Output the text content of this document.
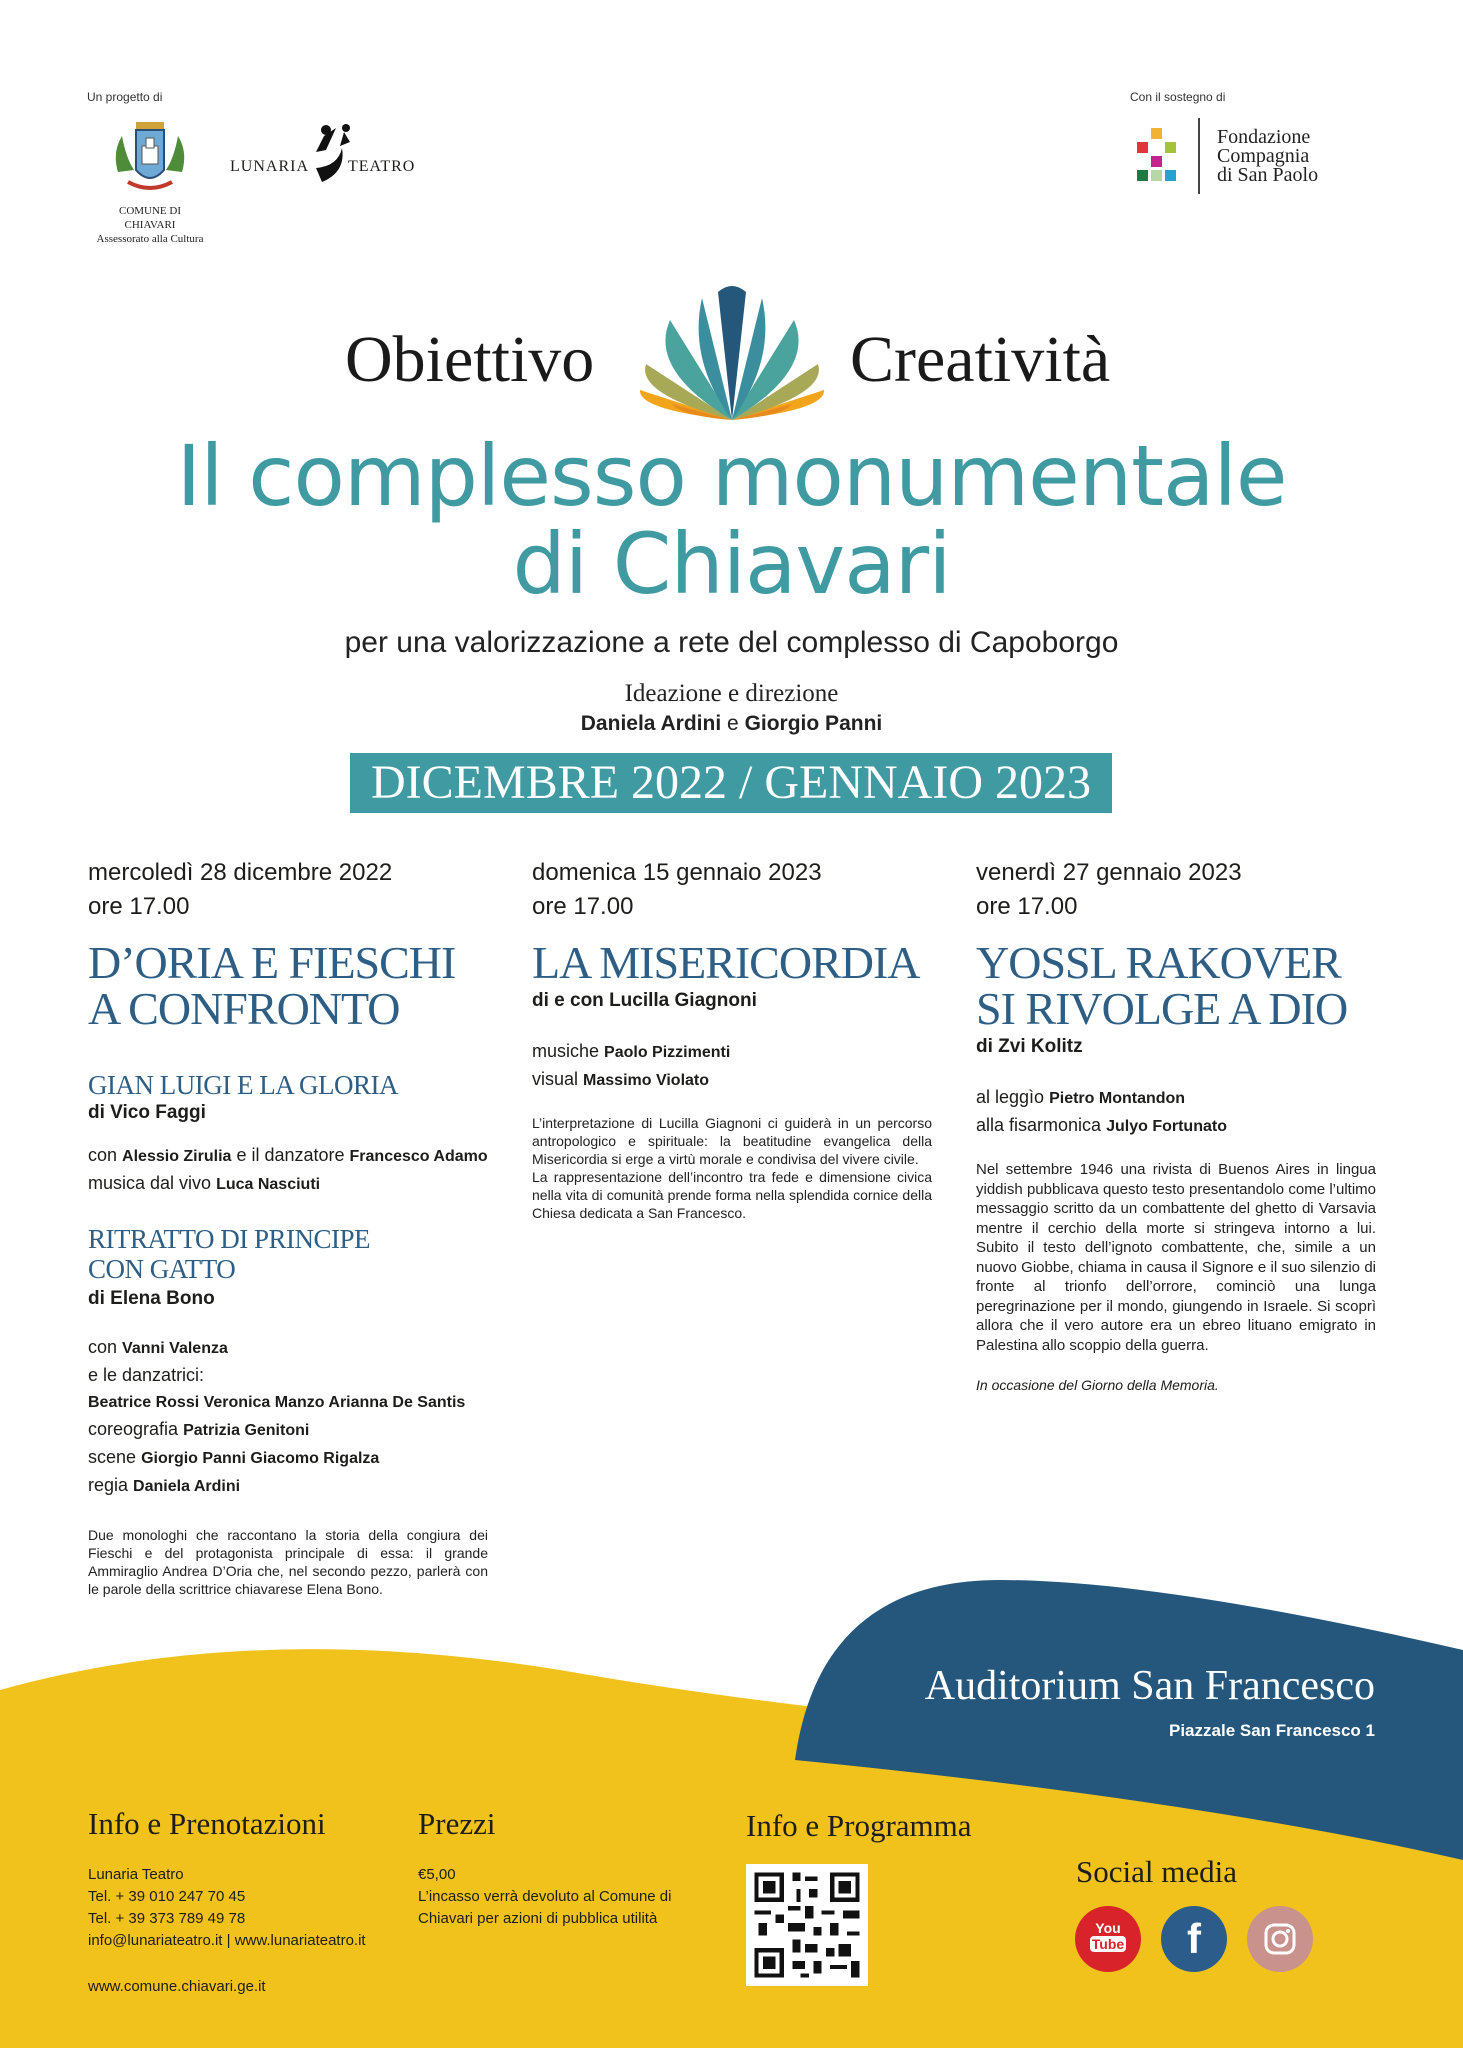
Un progetto di
COMUNE DI
CHIAVARI
Assessorato alla Cultura
LUNARIA TEATRO
Con il sostegno di
Fondazione
Compagnia
di San Paolo
Obiettivo	Creatività
Il complesso monumentale
di Chiavari
per una valorizzazione a rete del complesso di Capoborgo
Ideazione e direzione
Daniela Ardini e Giorgio Panni
DICEMBRE 2022 / GENNAIO 2023
mercoledì 28 dicembre 2022
ore 17.00
D’ORIA E FIESCHI
A CONFRONTO
GIAN LUIGI E LA GLORIA
di Vico Faggi
con Alessio Zirulia e il danzatore Francesco Adamo
musica dal vivo Luca Nasciuti
RITRATTO DI PRINCIPE
CON GATTO
di Elena Bono
con Vanni Valenza
e le danzatrici:
Beatrice Rossi Veronica Manzo Arianna De Santis
coreografia Patrizia Genitoni
scene Giorgio Panni Giacomo Rigalza
regia Daniela Ardini
Due monologhi che raccontano la storia della congiura dei Fieschi e del protagonista principale di essa: il grande Ammiraglio Andrea D’Oria che, nel secondo pezzo, parlerà con le parole della scrittrice chiavarese Elena Bono.
domenica 15 gennaio 2023
ore 17.00
LA MISERICORDIA
di e con Lucilla Giagnoni
musiche Paolo Pizzimenti
visual Massimo Violato
L’interpretazione di Lucilla Giagnoni ci guiderà in un percorso antropologico e spirituale: la beatitudine evangelica della Misericordia si erge a virtù morale e condivisa del vivere civile.
La rappresentazione dell’incontro tra fede e dimensione civica nella vita di comunità prende forma nella splendida cornice della Chiesa dedicata a San Francesco.
venerdì 27 gennaio 2023
ore 17.00
YOSSL RAKOVER
SI RIVOLGE A DIO
di Zvi Kolitz
al leggìo Pietro Montandon
alla fisarmonica Julyo Fortunato
Nel settembre 1946 una rivista di Buenos Aires in lingua yiddish pubblicava questo testo presentandolo come l’ultimo messaggio scritto da un combattente del ghetto di Varsavia mentre il cerchio della morte si stringeva intorno a lui. Subito il testo dell’ignoto combattente, che, simile a un nuovo Giobbe, chiama in causa il Signore e il suo silenzio di fronte al trionfo dell’orrore, cominciò una lunga peregrinazione per il mondo, giungendo in Israele. Si scoprì allora che il vero autore era un ebreo lituano emigrato in Palestina allo scoppio della guerra.
In occasione del Giorno della Memoria.
Auditorium San Francesco
Piazzale San Francesco 1
Info e Prenotazioni
Lunaria Teatro
Tel. + 39 010 247 70 45
Tel. + 39 373 789 49 78
info@lunariateatro.it | www.lunariateatro.it
www.comune.chiavari.ge.it
Prezzi
€5,00
L’incasso verrà devoluto al Comune di
Chiavari per azioni di pubblica utilità
Info e Programma
Social media
You
Tube	f
